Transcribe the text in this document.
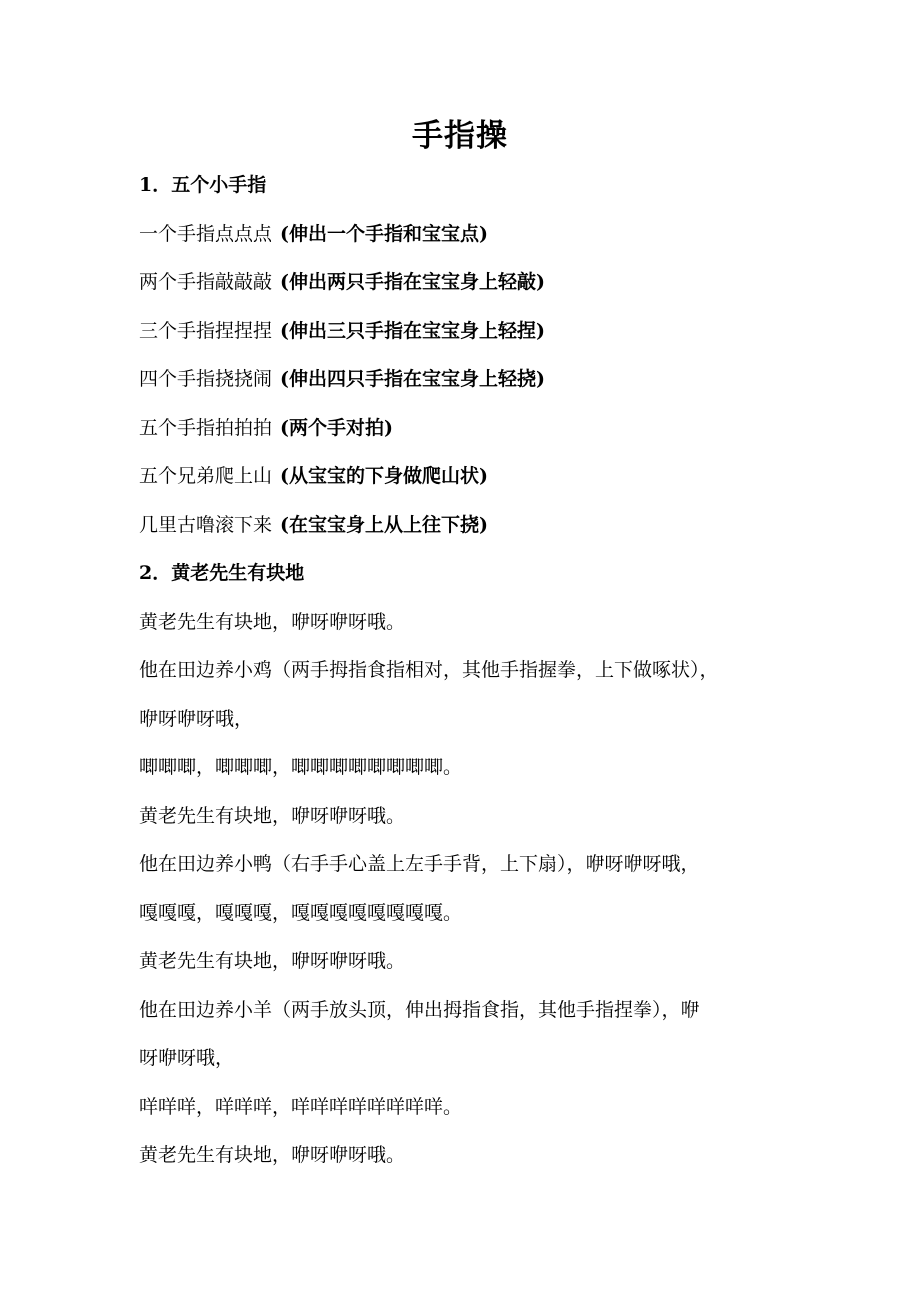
手指操
1．五个小手指
一个手指点点点 (伸出一个手指和宝宝点)
两个手指敲敲敲 (伸出两只手指在宝宝身上轻敲)
三个手指捏捏捏 (伸出三只手指在宝宝身上轻捏)
四个手指挠挠闹 (伸出四只手指在宝宝身上轻挠)
五个手指拍拍拍 (两个手对拍)
五个兄弟爬上山 (从宝宝的下身做爬山状)
几里古噜滚下来 (在宝宝身上从上往下挠)
2．黄老先生有块地
黄老先生有块地，咿呀咿呀哦。
他在田边养小鸡（两手拇指食指相对，其他手指握拳，上下做啄状），
咿呀咿呀哦，
唧唧唧，唧唧唧，唧唧唧唧唧唧唧唧。
黄老先生有块地，咿呀咿呀哦。
他在田边养小鸭（右手手心盖上左手手背，上下扇），咿呀咿呀哦，
嘎嘎嘎，嘎嘎嘎，嘎嘎嘎嘎嘎嘎嘎嘎。
黄老先生有块地，咿呀咿呀哦。
他在田边养小羊（两手放头顶，伸出拇指食指，其他手指捏拳），咿
呀咿呀哦，
咩咩咩，咩咩咩，咩咩咩咩咩咩咩咩。
黄老先生有块地，咿呀咿呀哦。
